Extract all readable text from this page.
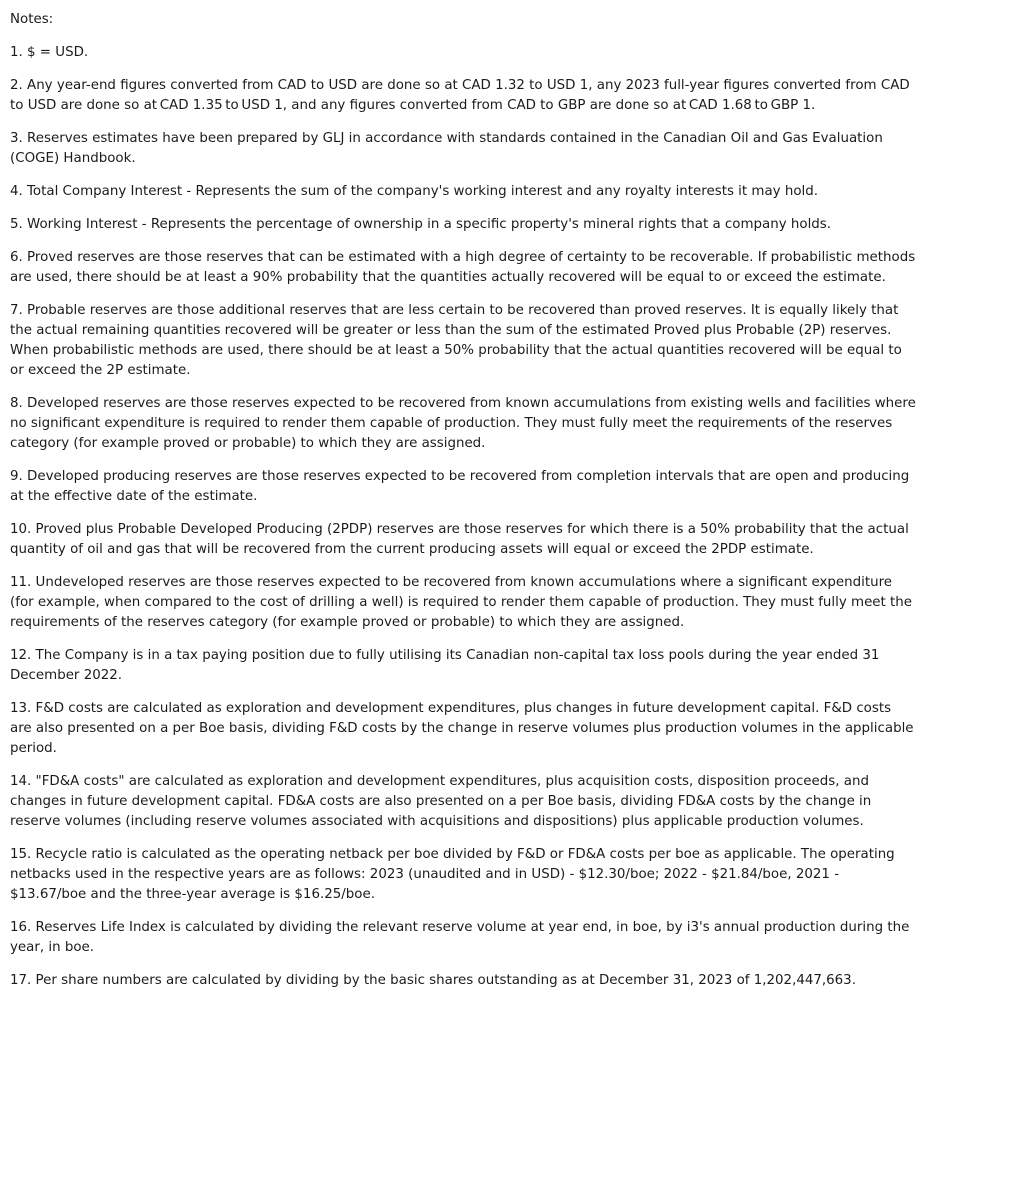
Notes:

1. $ = USD.

2. Any year-end figures converted from CAD to USD are done so at CAD 1.32 to USD 1, any 2023 full-year figures converted from CAD to USD are done so at CAD 1.35 to USD 1, and any figures converted from CAD to GBP are done so at CAD 1.68 to GBP 1.

3. Reserves estimates have been prepared by GLJ in accordance with standards contained in the Canadian Oil and Gas Evaluation (COGE) Handbook.

4. Total Company Interest - Represents the sum of the company's working interest and any royalty interests it may hold.

5. Working Interest - Represents the percentage of ownership in a specific property's mineral rights that a company holds.

6. Proved reserves are those reserves that can be estimated with a high degree of certainty to be recoverable. If probabilistic methods are used, there should be at least a 90% probability that the quantities actually recovered will be equal to or exceed the estimate.

7. Probable reserves are those additional reserves that are less certain to be recovered than proved reserves. It is equally likely that the actual remaining quantities recovered will be greater or less than the sum of the estimated Proved plus Probable (2P) reserves. When probabilistic methods are used, there should be at least a 50% probability that the actual quantities recovered will be equal to or exceed the 2P estimate.

8. Developed reserves are those reserves expected to be recovered from known accumulations from existing wells and facilities where no significant expenditure is required to render them capable of production. They must fully meet the requirements of the reserves category (for example proved or probable) to which they are assigned.

9. Developed producing reserves are those reserves expected to be recovered from completion intervals that are open and producing at the effective date of the estimate.

10. Proved plus Probable Developed Producing (2PDP) reserves are those reserves for which there is a 50% probability that the actual quantity of oil and gas that will be recovered from the current producing assets will equal or exceed the 2PDP estimate.

11. Undeveloped reserves are those reserves expected to be recovered from known accumulations where a significant expenditure (for example, when compared to the cost of drilling a well) is required to render them capable of production. They must fully meet the requirements of the reserves category (for example proved or probable) to which they are assigned.

12. The Company is in a tax paying position due to fully utilising its Canadian non-capital tax loss pools during the year ended 31 December 2022.

13. F&D costs are calculated as exploration and development expenditures, plus changes in future development capital. F&D costs are also presented on a per Boe basis, dividing F&D costs by the change in reserve volumes plus production volumes in the applicable period.

14. "FD&A costs" are calculated as exploration and development expenditures, plus acquisition costs, disposition proceeds, and changes in future development capital. FD&A costs are also presented on a per Boe basis, dividing FD&A costs by the change in reserve volumes (including reserve volumes associated with acquisitions and dispositions) plus applicable production volumes.

15. Recycle ratio is calculated as the operating netback per boe divided by F&D or FD&A costs per boe as applicable. The operating netbacks used in the respective years are as follows: 2023 (unaudited and in USD) - $12.30/boe; 2022 - $21.84/boe, 2021 - $13.67/boe and the three-year average is $16.25/boe.

16. Reserves Life Index is calculated by dividing the relevant reserve volume at year end, in boe, by i3's annual production during the year, in boe.

17. Per share numbers are calculated by dividing by the basic shares outstanding as at December 31, 2023 of 1,202,447,663.
